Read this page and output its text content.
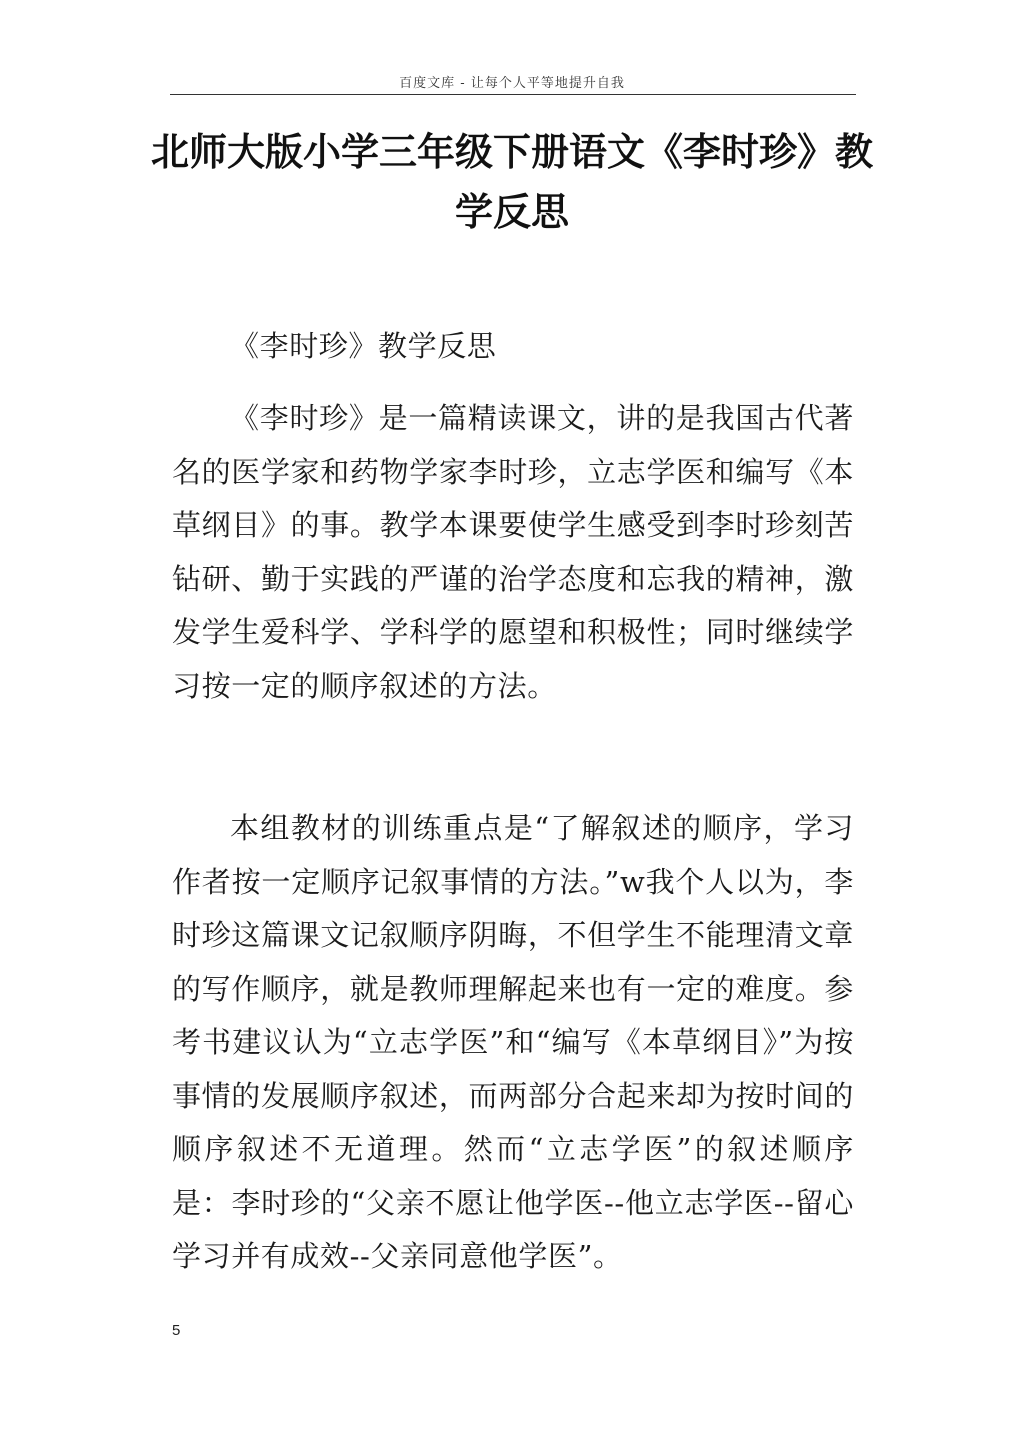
百度文库 - 让每个人平等地提升自我
北师大版小学三年级下册语文《李时珍》教学反思

《李时珍》教学反思

《李时珍》是一篇精读课文，讲的是我国古代著名的医学家和药物学家李时珍，立志学医和编写《本草纲目》的事。教学本课要使学生感受到李时珍刻苦钻研、勤于实践的严谨的治学态度和忘我的精神，激发学生爱科学、学科学的愿望和积极性；同时继续学习按一定的顺序叙述的方法。

本组教材的训练重点是“了解叙述的顺序，学习作者按一定顺序记叙事情的方法。”w我个人以为，李时珍这篇课文记叙顺序阴晦，不但学生不能理清文章的写作顺序，就是教师理解起来也有一定的难度。参考书建议认为“立志学医”和“编写《本草纲目》”为按事情的发展顺序叙述，而两部分合起来却为按时间的顺序叙述不无道理。然而“立志学医”的叙述顺序是：李时珍的“父亲不愿让他学医--他立志学医--留心学习并有成效--父亲同意他学医”。

5
